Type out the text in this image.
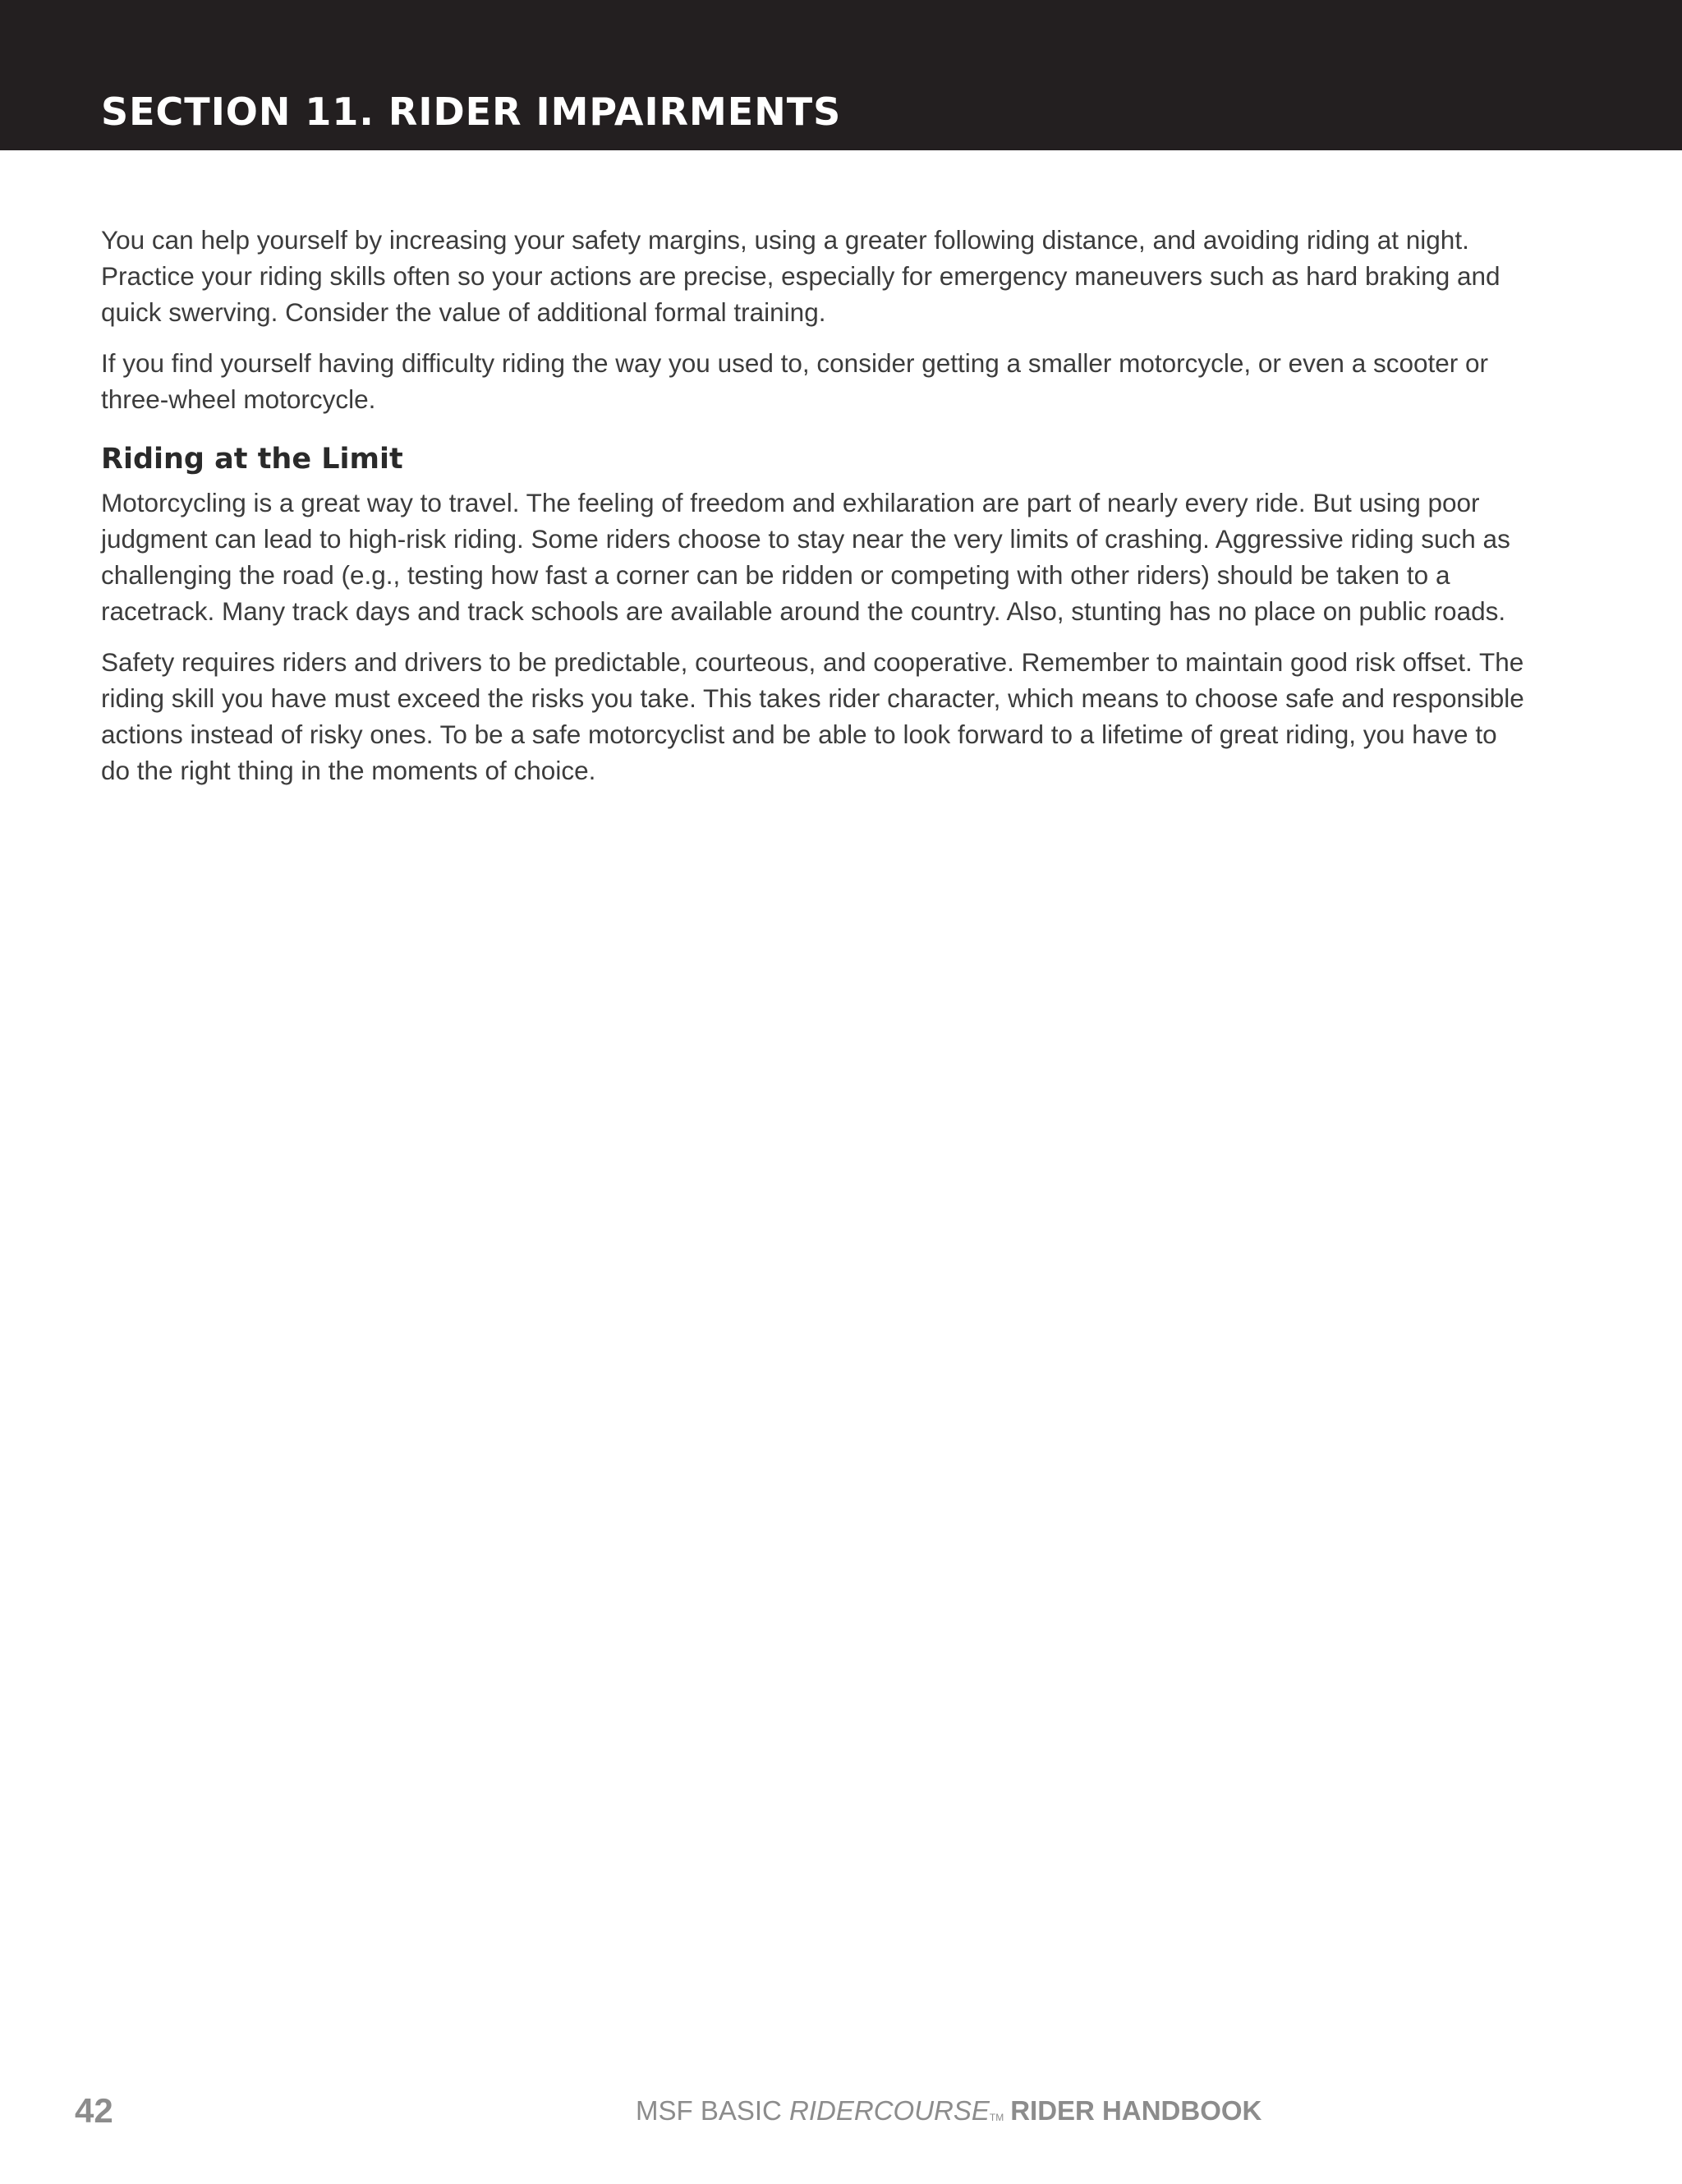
SECTION 11. RIDER IMPAIRMENTS

You can help yourself by increasing your safety margins, using a greater following distance, and avoiding riding at night. Practice your riding skills often so your actions are precise, especially for emergency maneuvers such as hard braking and quick swerving. Consider the value of additional formal training.

If you find yourself having difficulty riding the way you used to, consider getting a smaller motorcycle, or even a scooter or three-wheel motorcycle.

Riding at the Limit

Motorcycling is a great way to travel. The feeling of freedom and exhilaration are part of nearly every ride. But using poor judgment can lead to high-risk riding. Some riders choose to stay near the very limits of crashing. Aggressive riding such as challenging the road (e.g., testing how fast a corner can be ridden or competing with other riders) should be taken to a racetrack. Many track days and track schools are available around the country. Also, stunting has no place on public roads.

Safety requires riders and drivers to be predictable, courteous, and cooperative. Remember to maintain good risk offset. The riding skill you have must exceed the risks you take. This takes rider character, which means to choose safe and responsible actions instead of risky ones. To be a safe motorcyclist and be able to look forward to a lifetime of great riding, you have to do the right thing in the moments of choice.

42	MSF BASIC RIDERCOURSE™ RIDER HANDBOOK
